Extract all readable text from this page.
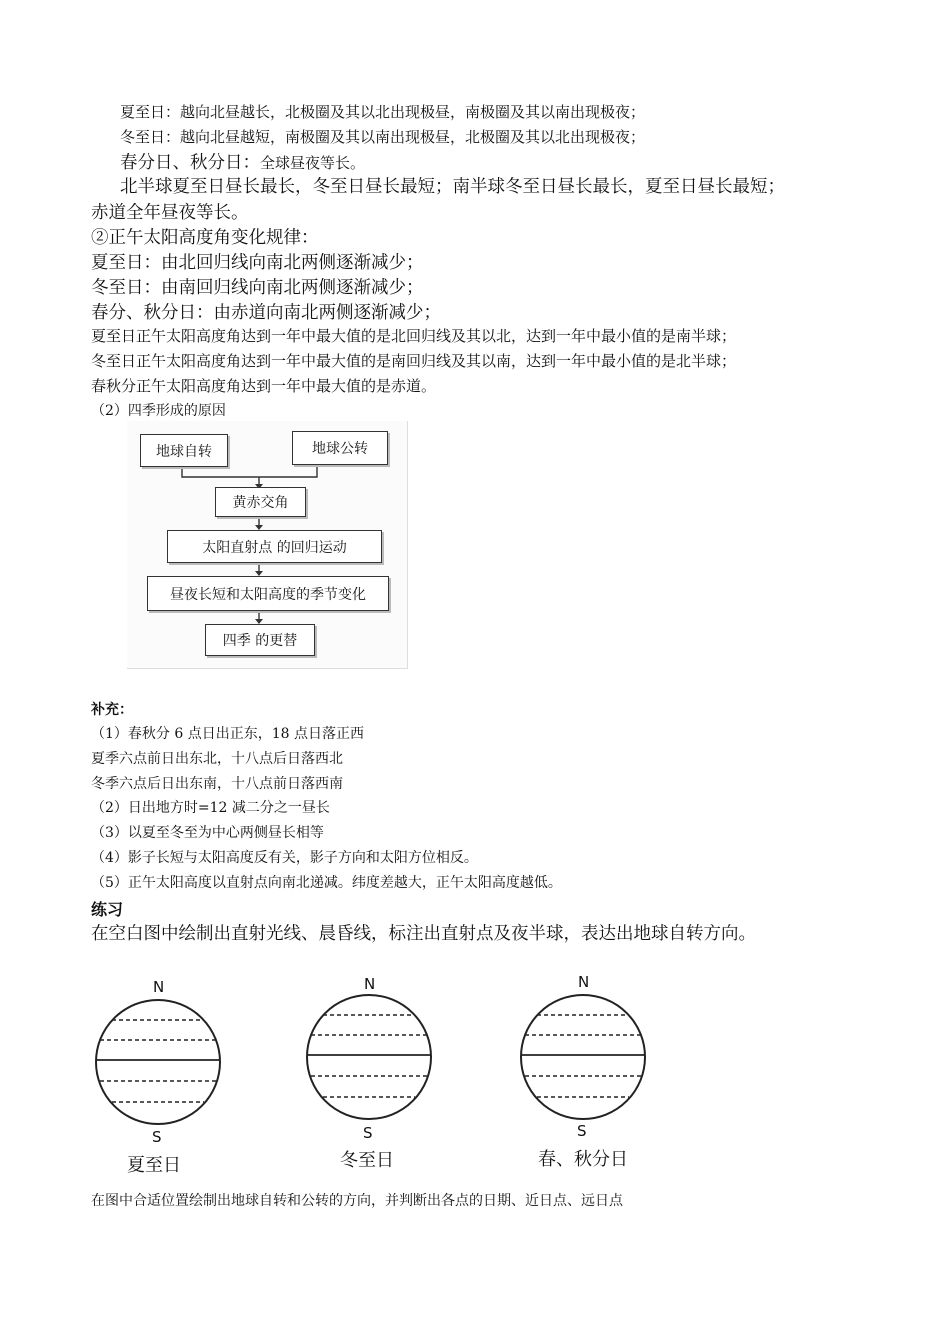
夏至日：越向北昼越长，北极圈及其以北出现极昼，南极圈及其以南出现极夜；
冬至日：越向北昼越短，南极圈及其以南出现极昼，北极圈及其以北出现极夜；
春分日、秋分日：全球昼夜等长。
北半球夏至日昼长最长，冬至日昼长最短；南半球冬至日昼长最长，夏至日昼长最短；
赤道全年昼夜等长。
②正午太阳高度角变化规律：
夏至日：由北回归线向南北两侧逐渐减少；
冬至日：由南回归线向南北两侧逐渐减少；
春分、秋分日：由赤道向南北两侧逐渐减少；
夏至日正午太阳高度角达到一年中最大值的是北回归线及其以北，达到一年中最小值的是南半球；
冬至日正午太阳高度角达到一年中最大值的是南回归线及其以南，达到一年中最小值的是北半球；
春秋分正午太阳高度角达到一年中最大值的是赤道。
（2）四季形成的原因
地球自转	地球公转
黄赤交角
太阳直射点 的回归运动
昼夜长短和太阳高度的季节变化
四季 的更替
补充：
（1）春秋分 6 点日出正东，18 点日落正西
夏季六点前日出东北，十八点后日落西北
冬季六点后日出东南，十八点前日落西南
（2）日出地方时=12 减二分之一昼长
（3）以夏至冬至为中心两侧昼长相等
（4）影子长短与太阳高度反有关，影子方向和太阳方位相反。
（5）正午太阳高度以直射点向南北递减。纬度差越大，正午太阳高度越低。
练习
在空白图中绘制出直射光线、晨昏线，标注出直射点及夜半球，表达出地球自转方向。
N
S
夏至日
N
S
冬至日
N
S
春、秋分日
在图中合适位置绘制出地球自转和公转的方向，并判断出各点的日期、近日点、远日点
